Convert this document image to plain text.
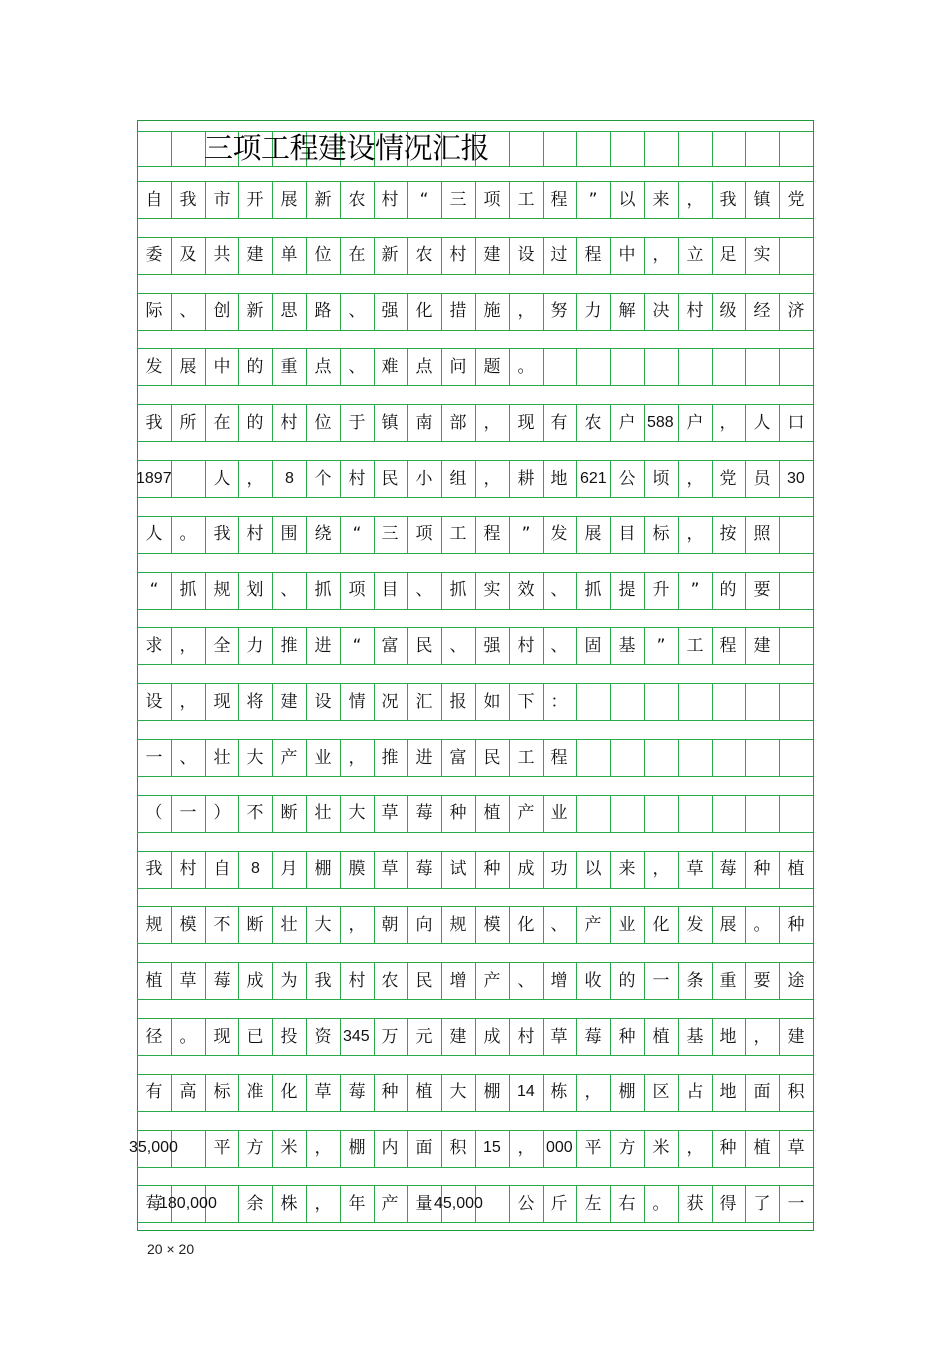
自	我	市 开	展	新	农 村	“	三	项	工 程	”	以	来	， 我	镇	党
委	及	共 建	单	位	在 新	农	村	建	设 过	程	中	，	立 足	实
际	、	创 新	思	路	、 强	化	措	施	， 努	力	解	决	村 级	经	济
发	展	中 的	重	点	、 难	点	问	题	。
我	所	在 的	村	位	于 镇	南	部	，	现 有	农	户 588 户 ，	人	口
1897	人 ，	8	个	村 民	小	组	，	耕 地 621 公	顷	， 党	员	30
人	。	我 村	围	绕	“	三	项	工	程	”	发	展	目	标	， 按	照
“	抓	规 划	、	抓	项 目	、	抓	实	效 、	抓	提	升	”	的	要
求	，	全 力	推	进	“	富	民	、	强	村 、	固	基	”	工 程	建
设	，	现 将	建	设	情 况	汇	报	如	下 ：
一	、	壮 大	产	业	， 推	进	富	民	工 程
（	一	） 不	断	壮	大 草	莓	种	植	产 业
我	村	自	8	月	棚	膜 草	莓	试	种	成 功	以	来	，	草 莓	种	植
规	模	不 断	壮	大	， 朝	向	规	模	化 、	产	业	化	发 展	。	种
植	草	莓 成	为	我	村 农	民	增	产	、 增	收	的	一	条 重	要	途
径	。	现 已	投	资 345 万	元	建	成	村 草	莓	种	植	基 地	，	建
有	高	标 准	化	草	莓 种	植	大	棚	14 栋	，	棚	区	占 地	面	积
35,000	平 方	米	，	棚 内	面	积	15 ， 000 平	方	米	， 种	植	草
莓
180,000	余	株	，	年 产	量 45,000	公 斤	左	右	。	获 得	了	一
三项工程建设情况汇报
20 × 20
